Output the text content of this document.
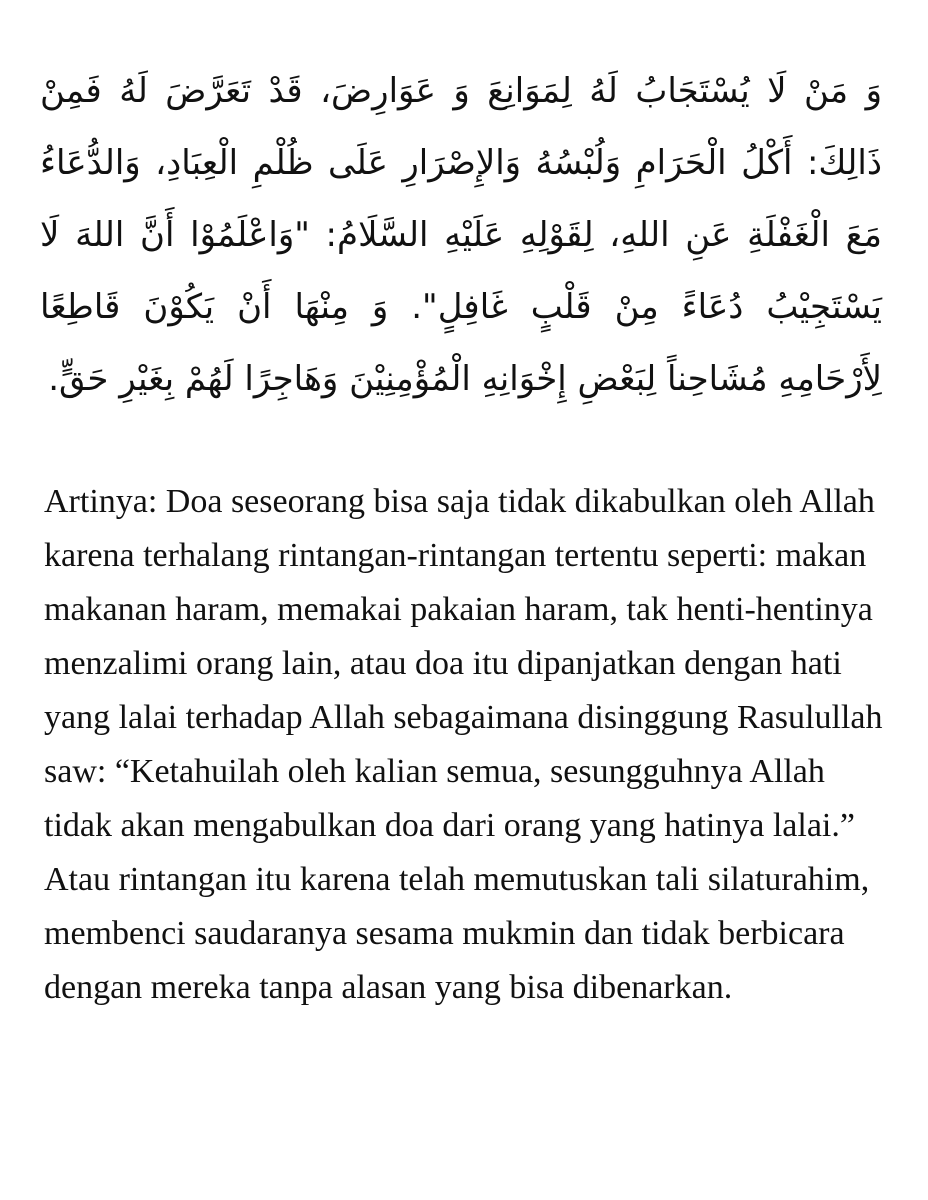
وَ مَنْ لَا يُسْتَجَابُ لَهُ لِمَوَانِعَ وَ عَوَارِضَ، قَدْ تَعَرَّضَ لَهُ فَمِنْ ذَالِكَ: أَكْلُ الْحَرَامِ وَلُبْسُهُ وَالإِصْرَارِ عَلَى ظُلْمِ الْعِبَادِ، وَالدُّعَاءُ مَعَ الْغَفْلَةِ عَنِ اللهِ، لِقَوْلِهِ عَلَيْهِ السَّلَامُ: "وَاعْلَمُوْا أَنَّ اللهَ لَا يَسْتَجِيْبُ دُعَاءً مِنْ قَلْبٍ غَافِلٍ". وَ مِنْهَا أَنْ يَكُوْنَ قَاطِعًا لِأَرْحَامِهِ مُشَاحِناً لِبَعْضِ إِخْوَانِهِ الْمُؤْمِنِيْنَ وَهَاجِرًا لَهُمْ بِغَيْرِ حَقٍّ.

Artinya: Doa seseorang bisa saja tidak dikabulkan oleh Allah karena terhalang rintangan-rintangan tertentu seperti: makan makanan haram, memakai pakaian haram, tak henti-hentinya menzalimi orang lain, atau doa itu dipanjatkan dengan hati yang lalai terhadap Allah sebagaimana disinggung Rasulullah saw: “Ketahuilah oleh kalian semua, sesungguhnya Allah tidak akan mengabulkan doa dari orang yang hatinya lalai.” Atau rintangan itu karena telah memutuskan tali silaturahim, membenci saudaranya sesama mukmin dan tidak berbicara dengan mereka tanpa alasan yang bisa dibenarkan.
